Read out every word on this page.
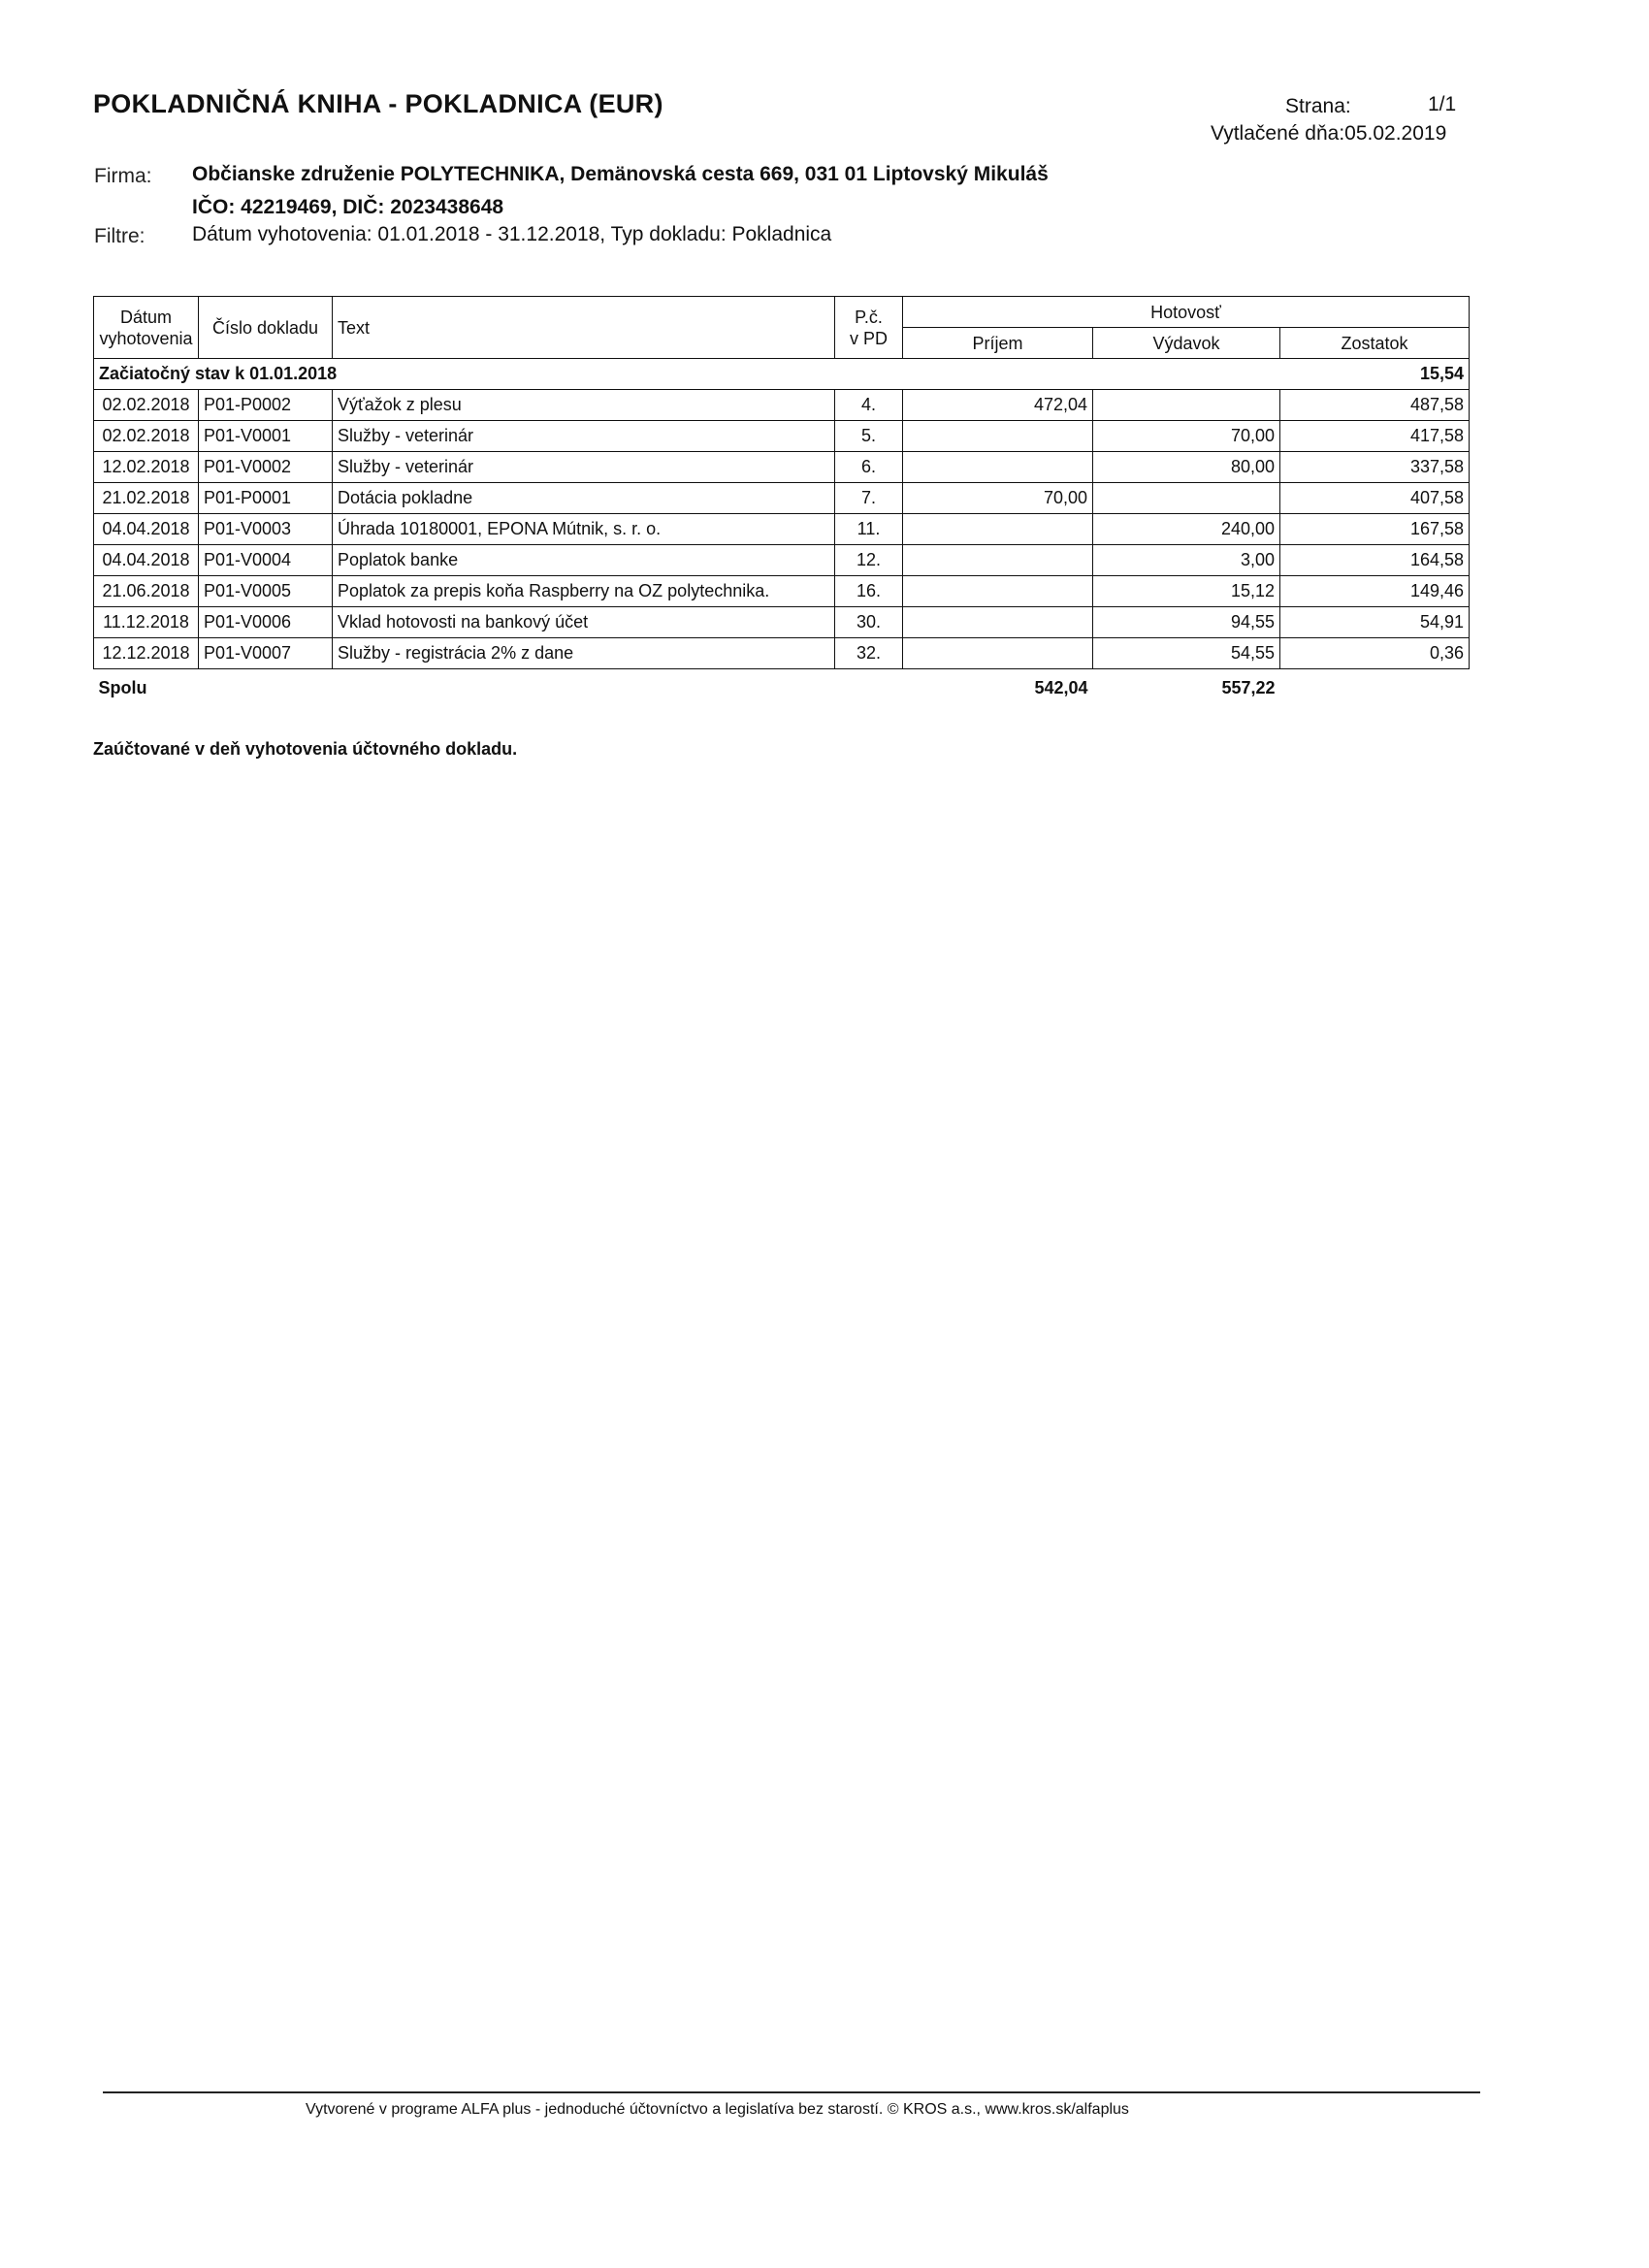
POKLADNIČNÁ KNIHA - POKLADNICA (EUR)	Strana:	1/1
Vytlačené dňa:05.02.2019
Firma: Občianske združenie POLYTECHNIKA, Demänovská cesta 669, 031 01 Liptovský Mikuláš
IČO: 42219469, DIČ: 2023438648
Filtre: Dátum vyhotovenia: 01.01.2018 - 31.12.2018, Typ dokladu: Pokladnica
Dátum
vyhotovenia	Číslo dokladu	Text	P.č.
v PD	Hotovosť		
				Príjem	Výdavok	Zostatok
Začiatočný stav k 01.01.2018						15,54
02.02.2018	P01-P0002	Výťažok z plesu	4.	472,04		487,58
02.02.2018	P01-V0001	Služby - veterinár	5.		70,00	417,58
12.02.2018	P01-V0002	Služby - veterinár	6.		80,00	337,58
21.02.2018	P01-P0001	Dotácia pokladne	7.	70,00		407,58
04.04.2018	P01-V0003	Úhrada 10180001, EPONA Mútnik, s. r. o.	11.		240,00	167,58
04.04.2018	P01-V0004	Poplatok banke	12.		3,00	164,58
21.06.2018	P01-V0005	Poplatok za prepis koňa Raspberry na OZ polytechnika.	16.		15,12	149,46
11.12.2018	P01-V0006	Vklad hotovosti na bankový účet	30.		94,55	54,91
12.12.2018	P01-V0007	Služby - registrácia 2% z dane	32.		54,55	0,36
Spolu				542,04	557,22	
Zaúčtované v deň vyhotovenia účtovného dokladu.
Vytvorené v programe ALFA plus - jednoduché účtovníctvo a legislatíva bez starostí. © KROS a.s., www.kros.sk/alfaplus
